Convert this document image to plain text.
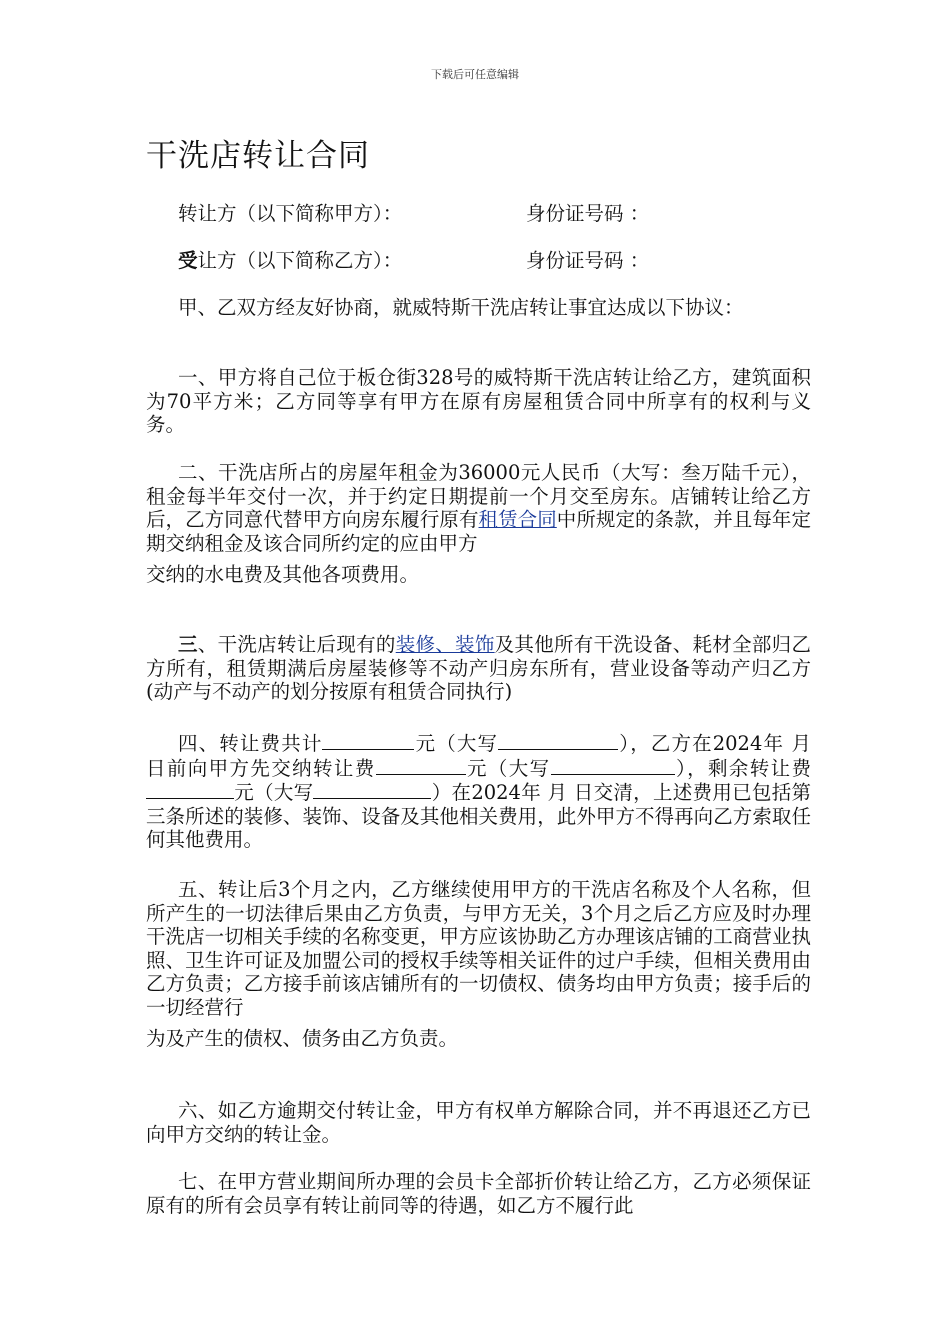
下载后可任意编辑
干洗店转让合同
转让方（以下简称甲方）：	身份证号码 ：
受让方（以下简称乙方）：	身份证号码 ：
甲、乙双方经友好协商，就威特斯干洗店转让事宜达成以下协议：
一、甲方将自己位于板仓街328号的威特斯干洗店转让给乙方，建筑面积为70平方米；乙方同等享有甲方在原有房屋租赁合同中所享有的权利与义务。
二、干洗店所占的房屋年租金为36000元人民币（大写：叁万陆千元），租金每半年交付一次，并于约定日期提前一个月交至房东。店铺转让给乙方后，乙方同意代替甲方向房东履行原有租赁合同中所规定的条款，并且每年定期交纳租金及该合同所约定的应由甲方
交纳的水电费及其他各项费用。
三、干洗店转让后现有的装修、装饰及其他所有干洗设备、耗材全部归乙方所有，租赁期满后房屋装修等不动产归房东所有，营业设备等动产归乙方(动产与不动产的划分按原有租赁合同执行)
四、转让费共计	元（大写	），乙方在2024年 月 日前向甲方先交纳转让费	元（大写	），剩余转让费元（大写	）在2024年 月 日交清，上述费用已包括第三条所述的装修、装饰、设备及其他相关费用，此外甲方不得再向乙方索取任何其他费用。
五、转让后3个月之内，乙方继续使用甲方的干洗店名称及个人名称，但所产生的一切法律后果由乙方负责，与甲方无关，3个月之后乙方应及时办理干洗店一切相关手续的名称变更，甲方应该协助乙方办理该店铺的工商营业执照、卫生许可证及加盟公司的授权手续等相关证件的过户手续，但相关费用由乙方负责；乙方接手前该店铺所有的一切债权、债务均由甲方负责；接手后的一切经营行
为及产生的债权、债务由乙方负责。
六、如乙方逾期交付转让金，甲方有权单方解除合同，并不再退还乙方已向甲方交纳的转让金。
七、在甲方营业期间所办理的会员卡全部折价转让给乙方，乙方必须保证原有的所有会员享有转让前同等的待遇，如乙方不履行此
